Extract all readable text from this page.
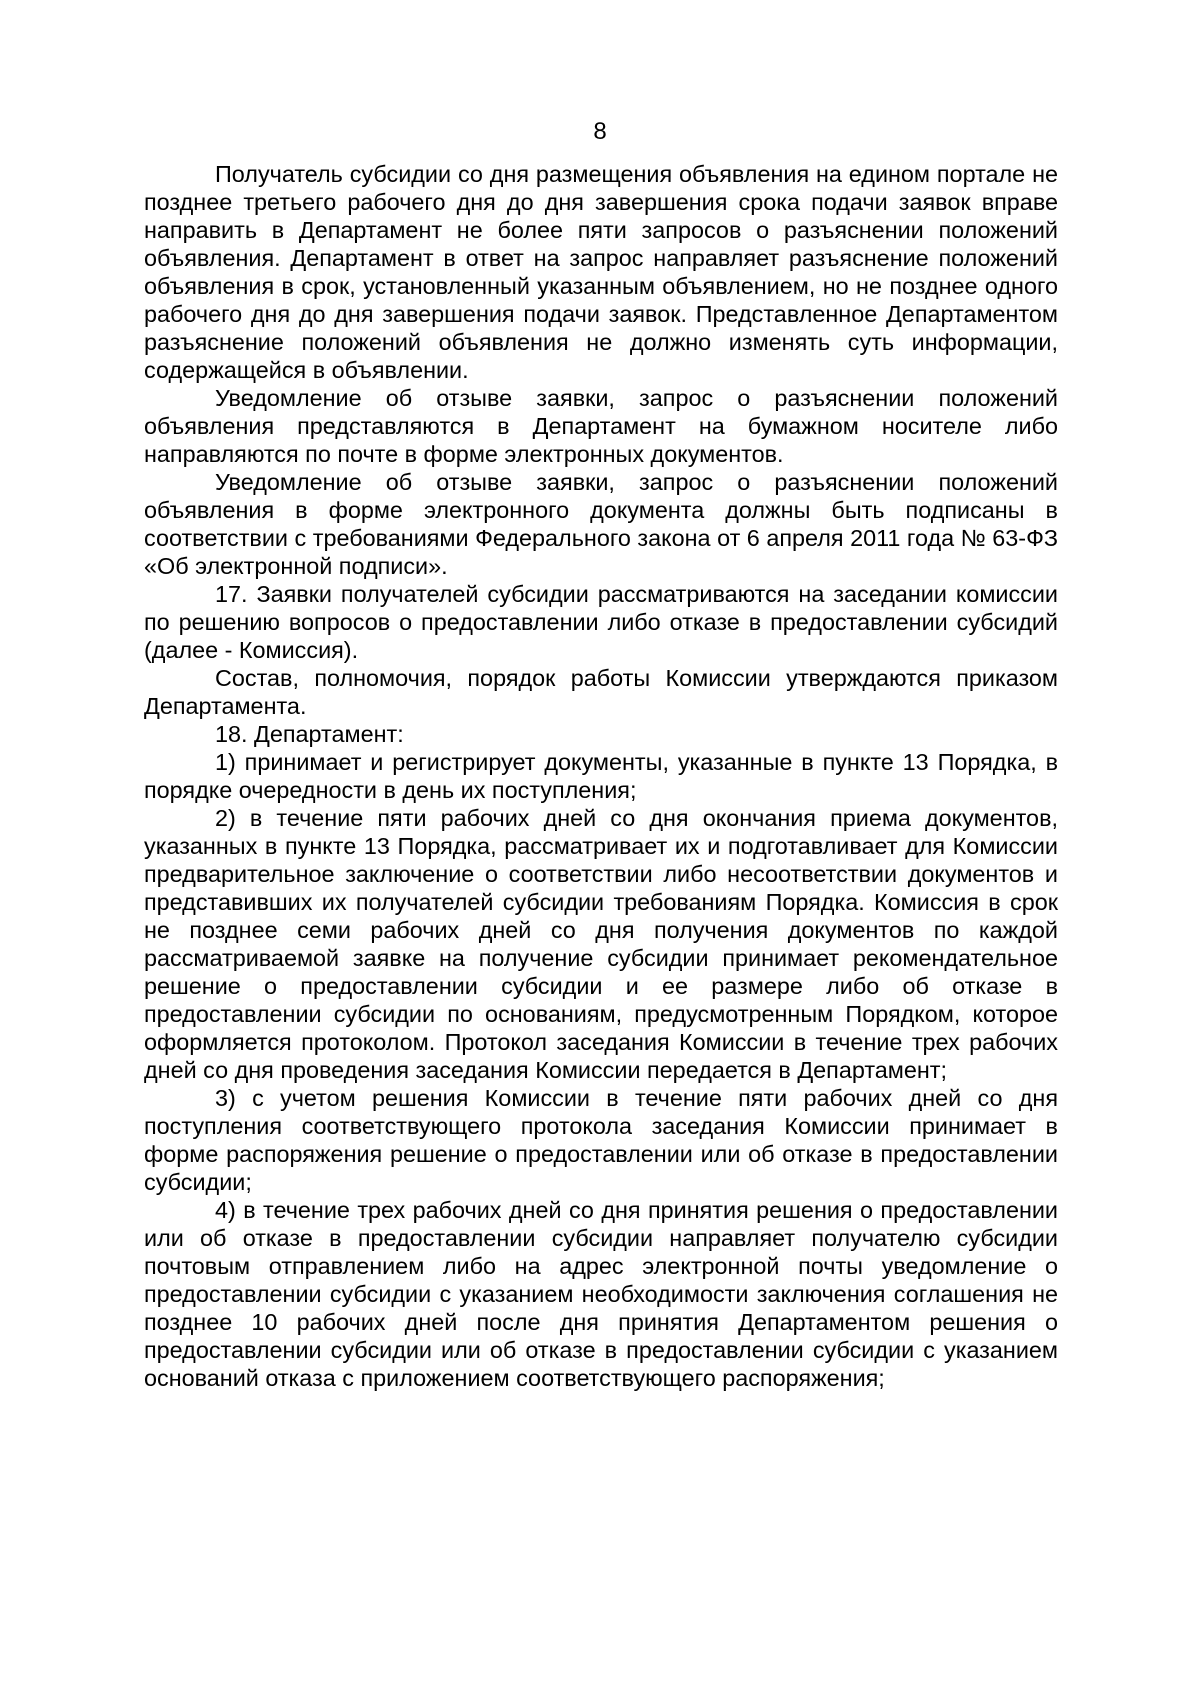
8

Получатель субсидии со дня размещения объявления на едином портале не позднее третьего рабочего дня до дня завершения срока подачи заявок вправе направить в Департамент не более пяти запросов о разъяснении положений объявления. Департамент в ответ на запрос направляет разъяснение положений объявления в срок, установленный указанным объявлением, но не позднее одного рабочего дня до дня завершения подачи заявок. Представленное Департаментом разъяснение положений объявления не должно изменять суть информации, содержащейся в объявлении.

Уведомление об отзыве заявки, запрос о разъяснении положений объявления представляются в Департамент на бумажном носителе либо направляются по почте в форме электронных документов.

Уведомление об отзыве заявки, запрос о разъяснении положений объявления в форме электронного документа должны быть подписаны в соответствии с требованиями Федерального закона от 6 апреля 2011 года № 63-ФЗ «Об электронной подписи».

17. Заявки получателей субсидии рассматриваются на заседании комиссии по решению вопросов о предоставлении либо отказе в предоставлении субсидий (далее - Комиссия).

Состав, полномочия, порядок работы Комиссии утверждаются приказом Департамента.

18. Департамент:

1) принимает и регистрирует документы, указанные в пункте 13 Порядка, в порядке очередности в день их поступления;

2) в течение пяти рабочих дней со дня окончания приема документов, указанных в пункте 13 Порядка, рассматривает их и подготавливает для Комиссии предварительное заключение о соответствии либо несоответствии документов и представивших их получателей субсидии требованиям Порядка. Комиссия в срок не позднее семи рабочих дней со дня получения документов по каждой рассматриваемой заявке на получение субсидии принимает рекомендательное решение о предоставлении субсидии и ее размере либо об отказе в предоставлении субсидии по основаниям, предусмотренным Порядком, которое оформляется протоколом. Протокол заседания Комиссии в течение трех рабочих дней со дня проведения заседания Комиссии передается в Департамент;

3) с учетом решения Комиссии в течение пяти рабочих дней со дня поступления соответствующего протокола заседания Комиссии принимает в форме распоряжения решение о предоставлении или об отказе в предоставлении субсидии;

4) в течение трех рабочих дней со дня принятия решения о предоставлении или об отказе в предоставлении субсидии направляет получателю субсидии почтовым отправлением либо на адрес электронной почты уведомление о предоставлении субсидии с указанием необходимости заключения соглашения не позднее 10 рабочих дней после дня принятия Департаментом решения о предоставлении субсидии или об отказе в предоставлении субсидии с указанием оснований отказа с приложением соответствующего распоряжения;
